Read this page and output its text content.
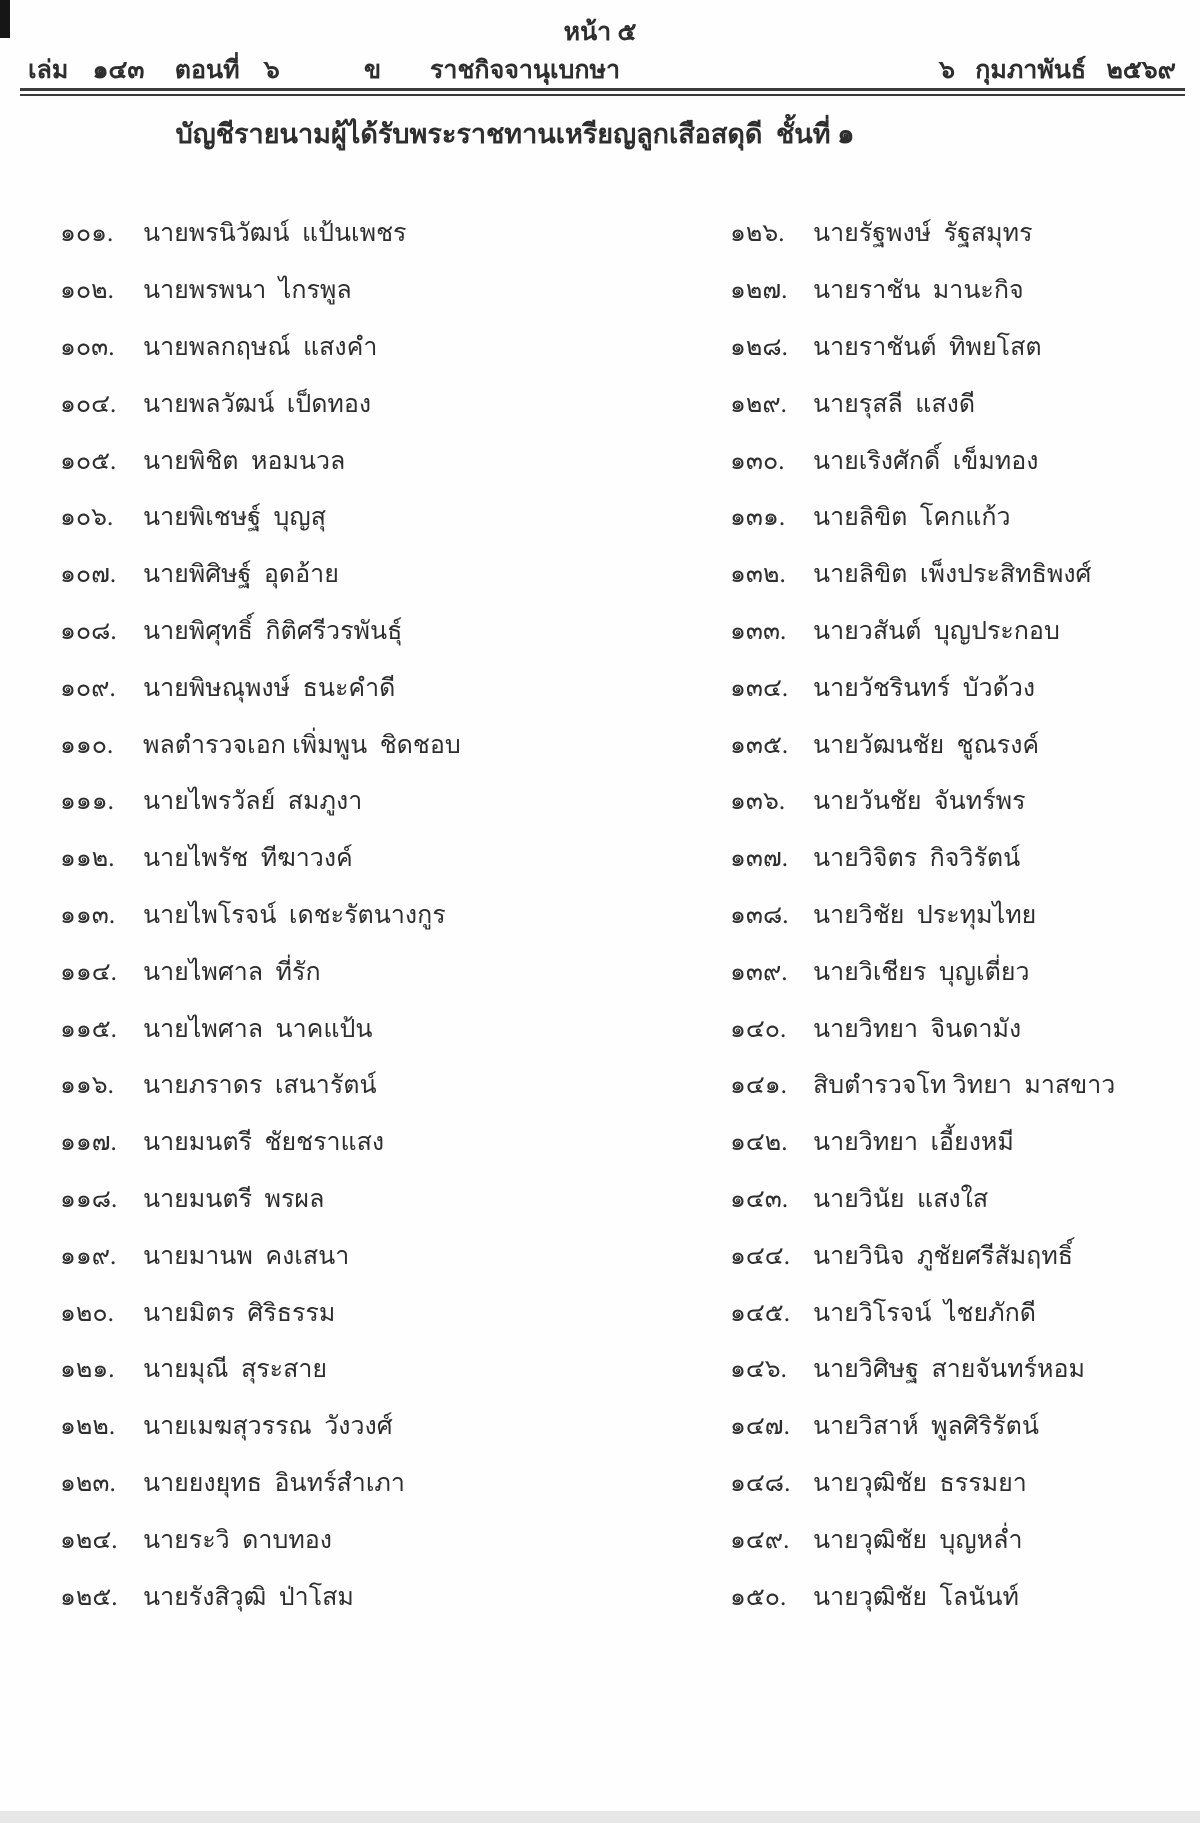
หน้า ๕
เล่ม ๑๔๓ ตอนที่ ๖	ข ราชกิจจานุเบกษา	๖ กุมภาพันธ์ ๒๕๖๙
บัญชีรายนามผู้ได้รับพระราชทานเหรียญลูกเสือสดุดี  ชั้นที่ ๑
๑๐๑.	นายพรนิวัฒน์  แป้นเพชร
๑๐๒.	นายพรพนา  ไกรพูล
๑๐๓.	นายพลกฤษณ์  แสงคำ
๑๐๔.	นายพลวัฒน์  เป็ดทอง
๑๐๕.	นายพิชิต  หอมนวล
๑๐๖.	นายพิเชษฐ์  บุญสุ
๑๐๗.	นายพิศิษฐ์  อุดอ้าย
๑๐๘.	นายพิศุทธิ์  กิติศรีวรพันธุ์
๑๐๙.	นายพิษณุพงษ์  ธนะคำดี
๑๑๐.	พลตำรวจเอก เพิ่มพูน  ชิดชอบ
๑๑๑.	นายไพรวัลย์  สมภูงา
๑๑๒.	นายไพรัช  ทีฆาวงค์
๑๑๓.	นายไพโรจน์  เดชะรัตนางกูร
๑๑๔.	นายไพศาล  ที่รัก
๑๑๕.	นายไพศาล  นาคแป้น
๑๑๖.	นายภราดร  เสนารัตน์
๑๑๗.	นายมนตรี  ชัยชราแสง
๑๑๘.	นายมนตรี  พรผล
๑๑๙.	นายมานพ  คงเสนา
๑๒๐.	นายมิตร  ศิริธรรม
๑๒๑.	นายมุณี  สุระสาย
๑๒๒.	นายเมฆสุวรรณ  วังวงศ์
๑๒๓.	นายยงยุทธ  อินทร์สำเภา
๑๒๔.	นายระวิ  ดาบทอง
๑๒๕.	นายรังสิวุฒิ  ป่าโสม
๑๒๖.	นายรัฐพงษ์  รัฐสมุทร
๑๒๗.	นายราชัน  มานะกิจ
๑๒๘.	นายราชันต์  ทิพยโสต
๑๒๙.	นายรุสลี  แสงดี
๑๓๐.	นายเริงศักดิ์  เข็มทอง
๑๓๑.	นายลิขิต  โคกแก้ว
๑๓๒.	นายลิขิต  เพ็งประสิทธิพงศ์
๑๓๓.	นายวสันต์  บุญประกอบ
๑๓๔. นายวัชรินทร์  บัวด้วง
๑๓๕. นายวัฒนชัย  ชูณรงค์
๑๓๖.	นายวันชัย  จันทร์พร
๑๓๗. นายวิจิตร  กิจวิรัตน์
๑๓๘. นายวิชัย  ประทุมไทย
๑๓๙.	นายวิเชียร  บุญเตี่ยว
๑๔๐.	นายวิทยา  จินดามัง
๑๔๑.	สิบตำรวจโท วิทยา  มาสขาว
๑๔๒.	นายวิทยา  เอี้ยงหมี
๑๔๓. นายวินัย  แสงใส
๑๔๔. นายวินิจ  ภูชัยศรีสัมฤทธิ์
๑๔๕. นายวิโรจน์  ไชยภักดี
๑๔๖.	นายวิศิษฐ  สายจันทร์หอม
๑๔๗. นายวิสาห์  พูลศิริรัตน์
๑๔๘. นายวุฒิชัย  ธรรมยา
๑๔๙. นายวุฒิชัย  บุญหล่ำ
๑๕๐.	นายวุฒิชัย  โลนันท์
